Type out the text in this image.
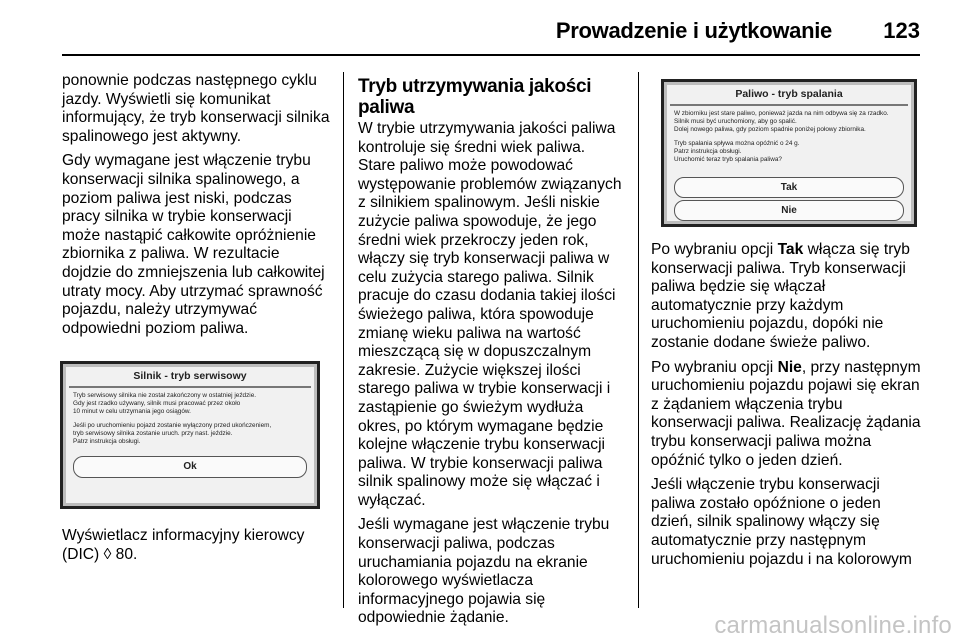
Prowadzenie i użytkowanie 123

ponownie podczas następnego cyklu jazdy. Wyświetli się komunikat informujący, że tryb konserwacji silnika spalinowego jest aktywny.

Gdy wymagane jest włączenie trybu konserwacji silnika spalinowego, a poziom paliwa jest niski, podczas pracy silnika w trybie konserwacji może nastąpić całkowite opróżnienie zbiornika z paliwa. W rezultacie dojdzie do zmniejszenia lub całkowitej utraty mocy. Aby utrzymać sprawność pojazdu, należy utrzymywać odpowiedni poziom paliwa.

Silnik - tryb serwisowy
Tryb serwisowy silnika nie został zakończony w ostatniej jeździe.
Gdy jest rzadko używany, silnik musi pracować przez około
10 minut w celu utrzymania jego osiągów.
Jeśli po uruchomieniu pojazd zostanie wyłączony przed ukończeniem,
tryb serwisowy silnika zostanie uruch. przy nast. jeździe.
Patrz instrukcja obsługi.
Ok
Wyświetlacz informacyjny kierowcy (DIC) ◊ 80.
Tryb utrzymywania jakości paliwa

W trybie utrzymywania jakości paliwa kontroluje się średni wiek paliwa. Stare paliwo może powodować występowanie problemów związanych z silnikiem spalinowym. Jeśli niskie zużycie paliwa spowoduje, że jego średni wiek przekroczy jeden rok, włączy się tryb konserwacji paliwa w celu zużycia starego paliwa. Silnik pracuje do czasu dodania takiej ilości świeżego paliwa, która spowoduje zmianę wieku paliwa na wartość mieszczącą się w dopuszczalnym zakresie. Zużycie większej ilości starego paliwa w trybie konserwacji i zastąpienie go świeżym wydłuża okres, po którym wymagane będzie kolejne włączenie trybu konserwacji paliwa. W trybie konserwacji paliwa silnik spalinowy może się włączać i wyłączać.

Jeśli wymagane jest włączenie trybu konserwacji paliwa, podczas uruchamiania pojazdu na ekranie kolorowego wyświetlacza informacyjnego pojawia się odpowiednie żądanie.

Paliwo - tryb spalania
W zbiorniku jest stare paliwo, ponieważ jazda na nim odbywa się za rzadko.
Silnik musi być uruchomiony, aby go spalić.
Dolej nowego paliwa, gdy poziom spadnie poniżej połowy zbiornika.
Tryb spalania spływa można opóźnić o 24 g.
Patrz instrukcja obsługi.
Uruchomić teraz tryb spalania paliwa?
Tak
Nie

Po wybraniu opcji Tak włącza się tryb konserwacji paliwa. Tryb konserwacji paliwa będzie się włączał automatycznie przy każdym uruchomieniu pojazdu, dopóki nie zostanie dodane świeże paliwo.

Po wybraniu opcji Nie, przy następnym uruchomieniu pojazdu pojawi się ekran z żądaniem włączenia trybu konserwacji paliwa. Realizację żądania trybu konserwacji paliwa można opóźnić tylko o jeden dzień.

Jeśli włączenie trybu konserwacji paliwa zostało opóźnione o jeden dzień, silnik spalinowy włączy się automatycznie przy następnym uruchomieniu pojazdu i na kolorowym

carmanualsonline.info
